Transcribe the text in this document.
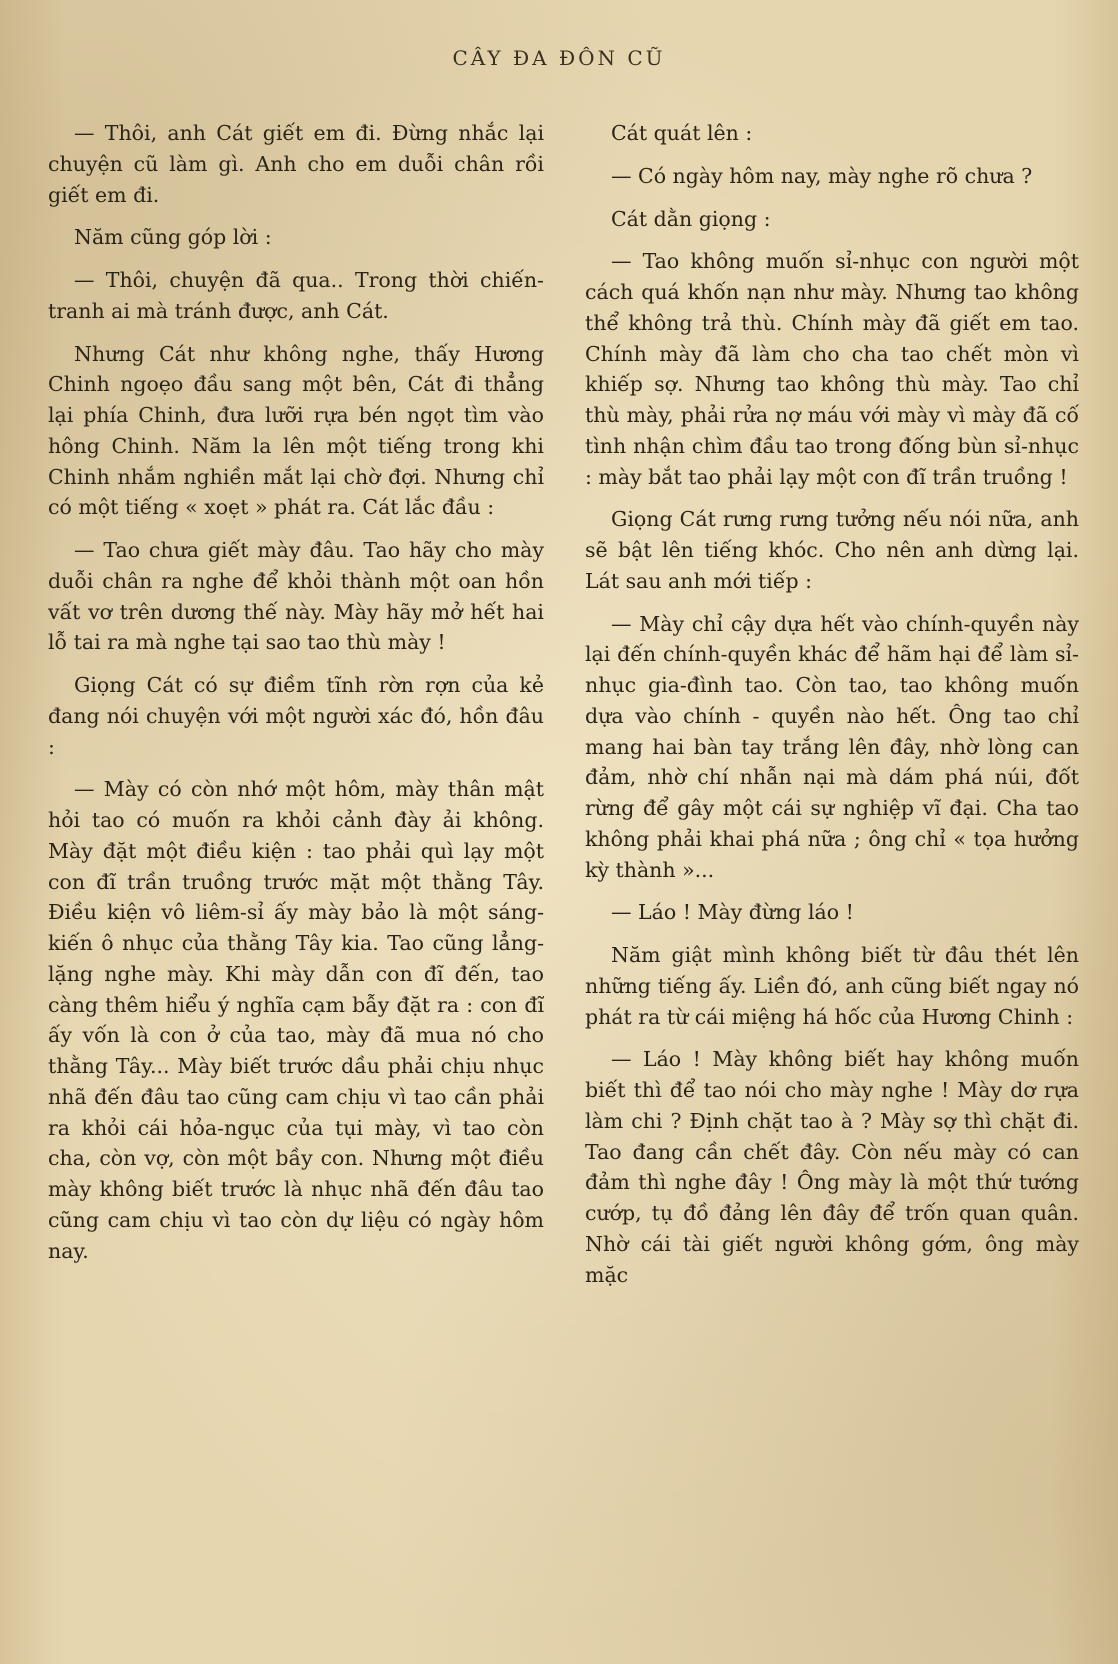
CÂY ĐA ĐÔN CŨ

— Thôi, anh Cát giết em đi. Đừng nhắc lại chuyện cũ làm gì. Anh cho em duỗi chân rồi giết em đi.

Năm cũng góp lời :

— Thôi, chuyện đã qua.. Trong thời chiến-tranh ai mà tránh được, anh Cát.

Nhưng Cát như không nghe, thấy Hương Chinh ngoẹo đầu sang một bên, Cát đi thẳng lại phía Chinh, đưa lưỡi rựa bén ngọt tìm vào hông Chinh. Năm la lên một tiếng trong khi Chinh nhắm nghiền mắt lại chờ đợi. Nhưng chỉ có một tiếng « xoẹt » phát ra. Cát lắc đầu :

— Tao chưa giết mày đâu. Tao hãy cho mày duỗi chân ra nghe để khỏi thành một oan hồn vất vơ trên dương thế này. Mày hãy mở hết hai lỗ tai ra mà nghe tại sao tao thù mày !

Giọng Cát có sự điềm tĩnh rờn rợn của kẻ đang nói chuyện với một người xác đó, hồn đâu :

— Mày có còn nhớ một hôm, mày thân mật hỏi tao có muốn ra khỏi cảnh đày ải không. Mày đặt một điều kiện : tao phải quì lạy một con đĩ trần truồng trước mặt một thằng Tây. Điều kiện vô liêm-sỉ ấy mày bảo là một sáng-kiến ô nhục của thằng Tây kia. Tao cũng lẳng-lặng nghe mày. Khi mày dẫn con đĩ đến, tao càng thêm hiểu ý nghĩa cạm bẫy đặt ra : con đĩ ấy vốn là con ở của tao, mày đã mua nó cho thằng Tây... Mày biết trước dầu phải chịu nhục nhã đến đâu tao cũng cam chịu vì tao cần phải ra khỏi cái hỏa-ngục của tụi mày, vì tao còn cha, còn vợ, còn một bầy con. Nhưng một điều mày không biết trước là nhục nhã đến đâu tao cũng cam chịu vì tao còn dự liệu có ngày hôm nay.

Cát quát lên :

— Có ngày hôm nay, mày nghe rõ chưa ?

Cát dằn giọng :

— Tao không muốn sỉ-nhục con người một cách quá khốn nạn như mày. Nhưng tao không thể không trả thù. Chính mày đã giết em tao. Chính mày đã làm cho cha tao chết mòn vì khiếp sợ. Nhưng tao không thù mày. Tao chỉ thù mày, phải rửa nợ máu với mày vì mày đã cố tình nhận chìm đầu tao trong đống bùn sỉ-nhục : mày bắt tao phải lạy một con đĩ trần truồng !

Giọng Cát rưng rưng tưởng nếu nói nữa, anh sẽ bật lên tiếng khóc. Cho nên anh dừng lại. Lát sau anh mới tiếp :

— Mày chỉ cậy dựa hết vào chính-quyền này lại đến chính-quyền khác để hãm hại để làm sỉ-nhục gia-đình tao. Còn tao, tao không muốn dựa vào chính - quyền nào hết. Ông tao chỉ mang hai bàn tay trắng lên đây, nhờ lòng can đảm, nhờ chí nhẫn nại mà dám phá núi, đốt rừng để gây một cái sự nghiệp vĩ đại. Cha tao không phải khai phá nữa ; ông chỉ « tọa hưởng kỳ thành »...

— Láo ! Mày đừng láo !

Năm giật mình không biết từ đâu thét lên những tiếng ấy. Liền đó, anh cũng biết ngay nó phát ra từ cái miệng há hốc của Hương Chinh :

— Láo ! Mày không biết hay không muốn biết thì để tao nói cho mày nghe ! Mày dơ rựa làm chi ? Định chặt tao à ? Mày sợ thì chặt đi. Tao đang cần chết đây. Còn nếu mày có can đảm thì nghe đây ! Ông mày là một thứ tướng cướp, tụ đồ đảng lên đây để trốn quan quân. Nhờ cái tài giết người không gớm, ông mày mặc
